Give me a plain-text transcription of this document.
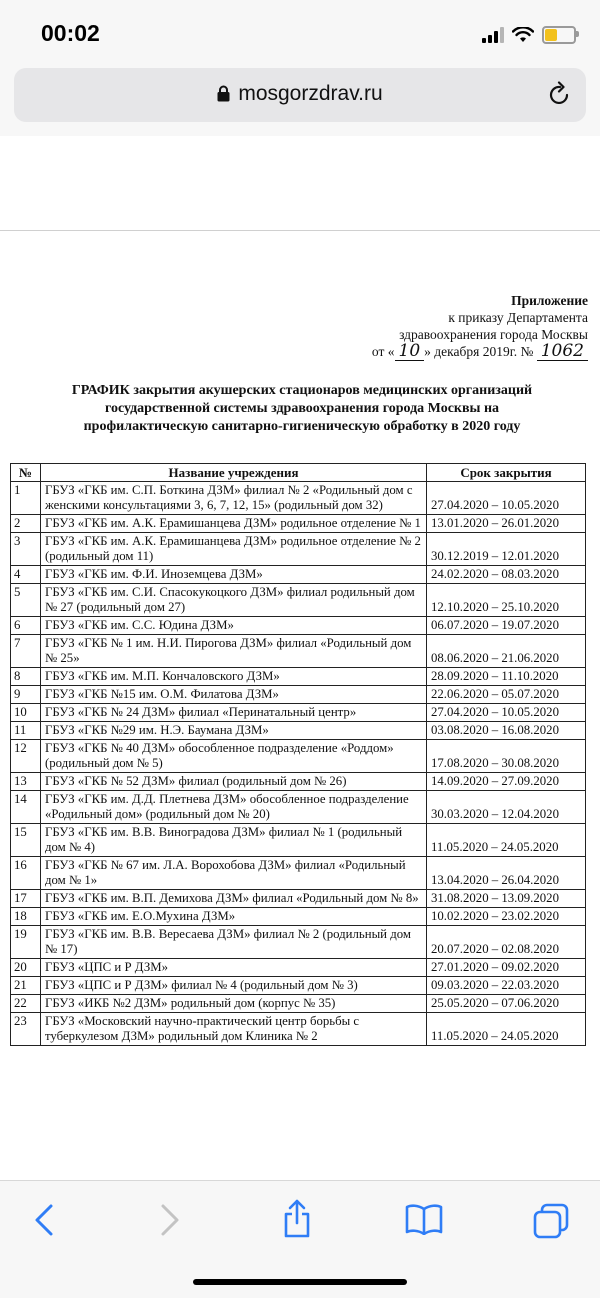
00:02
mosgorzdrav.ru
Приложение
к приказу Департамента
здравоохранения города Москвы
от « 10 » декабря 2019г. № 1062
ГРАФИК закрытия акушерских стационаров медицинских организаций
государственной системы здравоохранения города Москвы на
профилактическую санитарно-гигиеническую обработку в 2020 году
№	Название учреждения	Срок закрытия
1	ГБУЗ «ГКБ им. С.П. Боткина ДЗМ» филиал № 2 «Родильный дом с женскими консультациями 3, 6, 7, 12, 15» (родильный дом 32)	27.04.2020 – 10.05.2020
2	ГБУЗ «ГКБ им. А.К. Ерамишанцева ДЗМ» родильное отделение № 1	13.01.2020 – 26.01.2020
3	ГБУЗ «ГКБ им. А.К. Ерамишанцева ДЗМ» родильное отделение № 2 (родильный дом 11)	30.12.2019 – 12.01.2020
4	ГБУЗ «ГКБ им. Ф.И. Иноземцева ДЗМ»	24.02.2020 – 08.03.2020
5	ГБУЗ «ГКБ им. С.И. Спасокукоцкого ДЗМ» филиал родильный дом № 27 (родильный дом 27)	12.10.2020 – 25.10.2020
6	ГБУЗ «ГКБ им. С.С. Юдина ДЗМ»	06.07.2020 – 19.07.2020
7	ГБУЗ «ГКБ № 1 им. Н.И. Пирогова ДЗМ» филиал «Родильный дом № 25»	08.06.2020 – 21.06.2020
8	ГБУЗ «ГКБ им. М.П. Кончаловского ДЗМ»	28.09.2020 – 11.10.2020
9	ГБУЗ «ГКБ №15 им. О.М. Филатова ДЗМ»	22.06.2020 – 05.07.2020
10	ГБУЗ «ГКБ № 24 ДЗМ» филиал «Перинатальный центр»	27.04.2020 – 10.05.2020
11	ГБУЗ «ГКБ №29 им. Н.Э. Баумана ДЗМ»	03.08.2020 – 16.08.2020
12	ГБУЗ «ГКБ № 40 ДЗМ» обособленное подразделение «Роддом» (родильный дом № 5)	17.08.2020 – 30.08.2020
13	ГБУЗ «ГКБ № 52 ДЗМ» филиал (родильный дом № 26)	14.09.2020 – 27.09.2020
14	ГБУЗ «ГКБ им. Д.Д. Плетнева ДЗМ» обособленное подразделение «Родильный дом» (родильный дом № 20)	30.03.2020 – 12.04.2020
15	ГБУЗ «ГКБ им. В.В. Виноградова ДЗМ» филиал № 1 (родильный дом № 4)	11.05.2020 – 24.05.2020
16	ГБУЗ «ГКБ № 67 им. Л.А. Ворохобова ДЗМ» филиал «Родильный дом № 1»	13.04.2020 – 26.04.2020
17	ГБУЗ «ГКБ им. В.П. Демихова ДЗМ» филиал «Родильный дом № 8»	31.08.2020 – 13.09.2020
18	ГБУЗ «ГКБ им. Е.О.Мухина ДЗМ»	10.02.2020 – 23.02.2020
19	ГБУЗ «ГКБ им. В.В. Вересаева ДЗМ» филиал № 2 (родильный дом № 17)	20.07.2020 – 02.08.2020
20	ГБУЗ «ЦПС и Р ДЗМ»	27.01.2020 – 09.02.2020
21	ГБУЗ «ЦПС и Р ДЗМ» филиал № 4 (родильный дом № 3)	09.03.2020 – 22.03.2020
22	ГБУЗ «ИКБ №2 ДЗМ» родильный дом (корпус № 35)	25.05.2020 – 07.06.2020
23	ГБУЗ «Московский научно-практический центр борьбы с туберкулезом ДЗМ» родильный дом Клиника № 2	11.05.2020 – 24.05.2020
